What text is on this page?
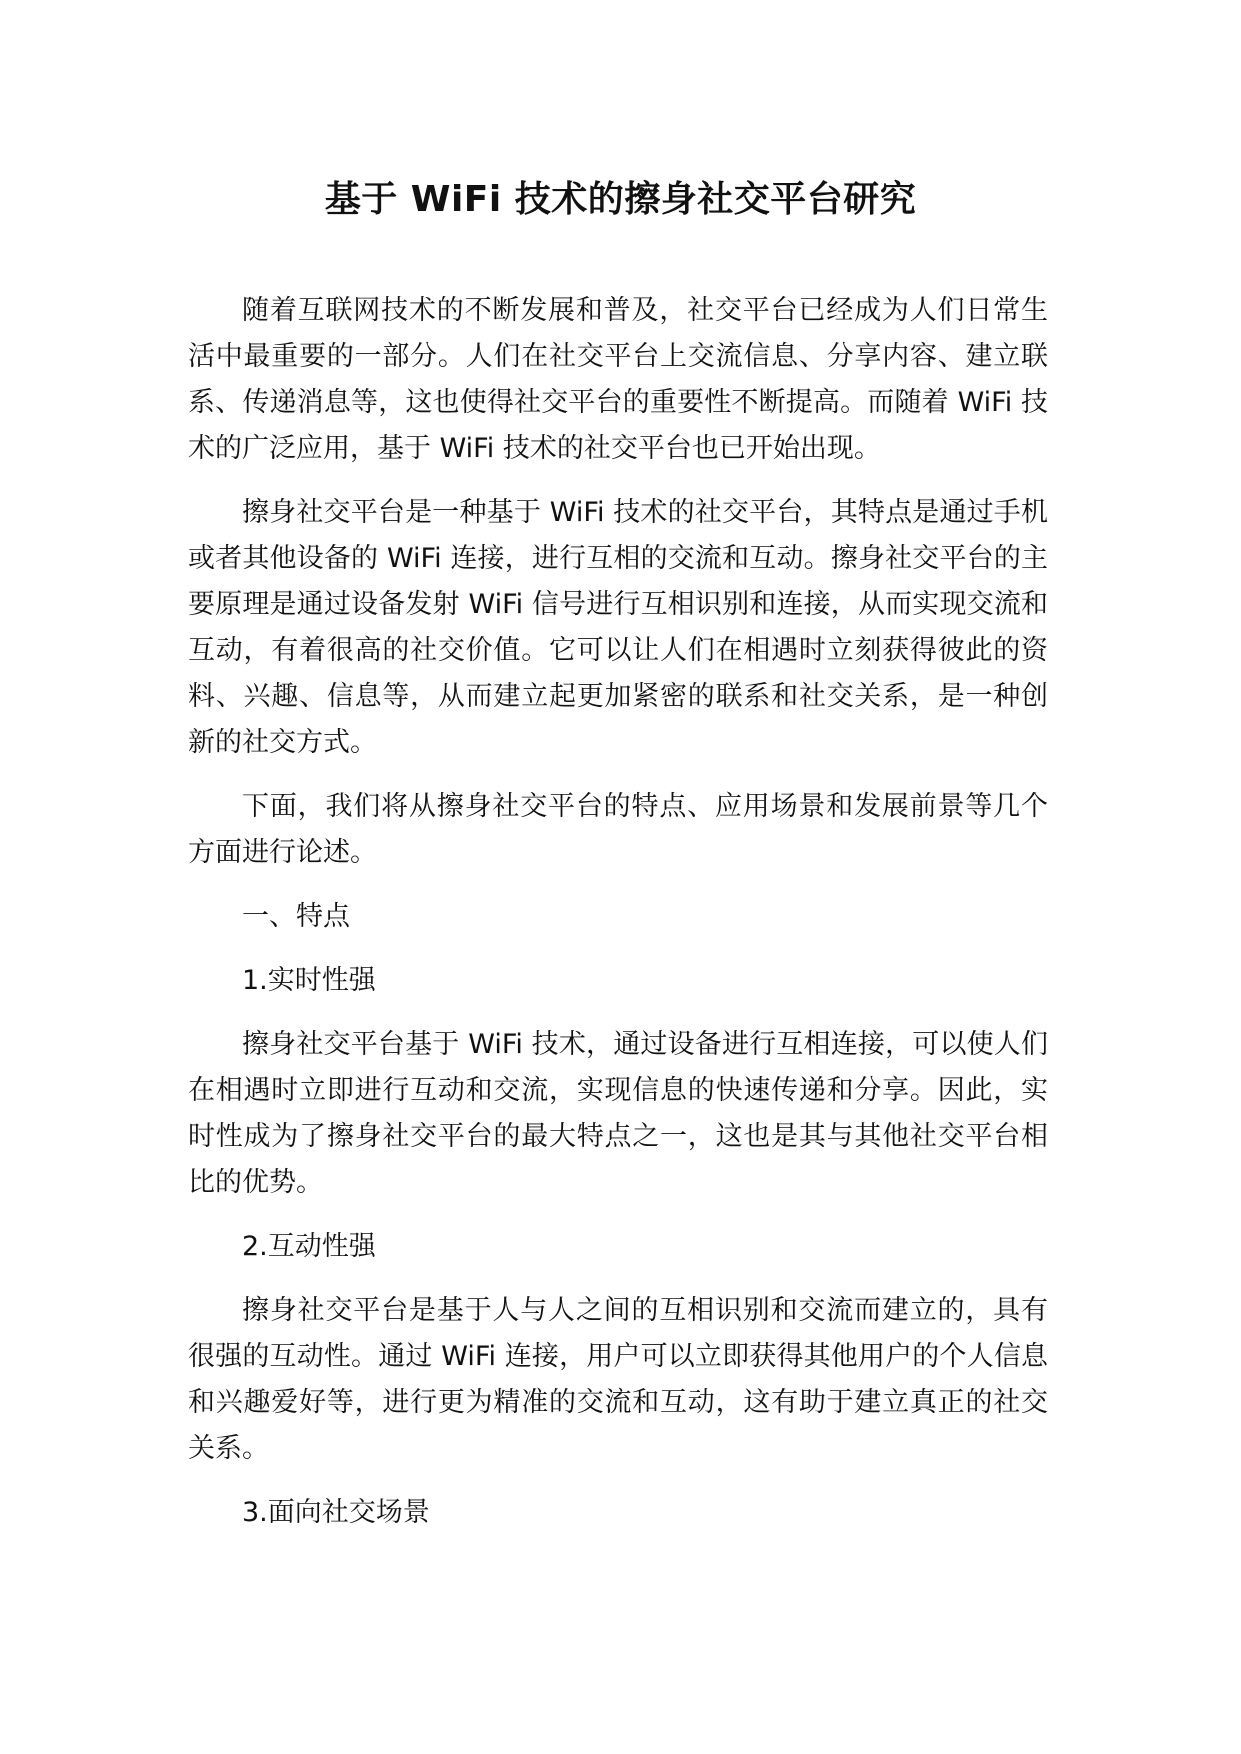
基于 WiFi 技术的擦身社交平台研究

随着互联网技术的不断发展和普及，社交平台已经成为人们日常生活中最重要的一部分。人们在社交平台上交流信息、分享内容、建立联系、传递消息等，这也使得社交平台的重要性不断提高。而随着 WiFi 技术的广泛应用，基于 WiFi 技术的社交平台也已开始出现。

擦身社交平台是一种基于 WiFi 技术的社交平台，其特点是通过手机或者其他设备的 WiFi 连接，进行互相的交流和互动。擦身社交平台的主要原理是通过设备发射 WiFi 信号进行互相识别和连接，从而实现交流和互动，有着很高的社交价值。它可以让人们在相遇时立刻获得彼此的资料、兴趣、信息等，从而建立起更加紧密的联系和社交关系，是一种创新的社交方式。

下面，我们将从擦身社交平台的特点、应用场景和发展前景等几个方面进行论述。

一、特点

1.实时性强

擦身社交平台基于 WiFi 技术，通过设备进行互相连接，可以使人们在相遇时立即进行互动和交流，实现信息的快速传递和分享。因此，实时性成为了擦身社交平台的最大特点之一，这也是其与其他社交平台相比的优势。

2.互动性强

擦身社交平台是基于人与人之间的互相识别和交流而建立的，具有很强的互动性。通过 WiFi 连接，用户可以立即获得其他用户的个人信息和兴趣爱好等，进行更为精准的交流和互动，这有助于建立真正的社交关系。

3.面向社交场景
